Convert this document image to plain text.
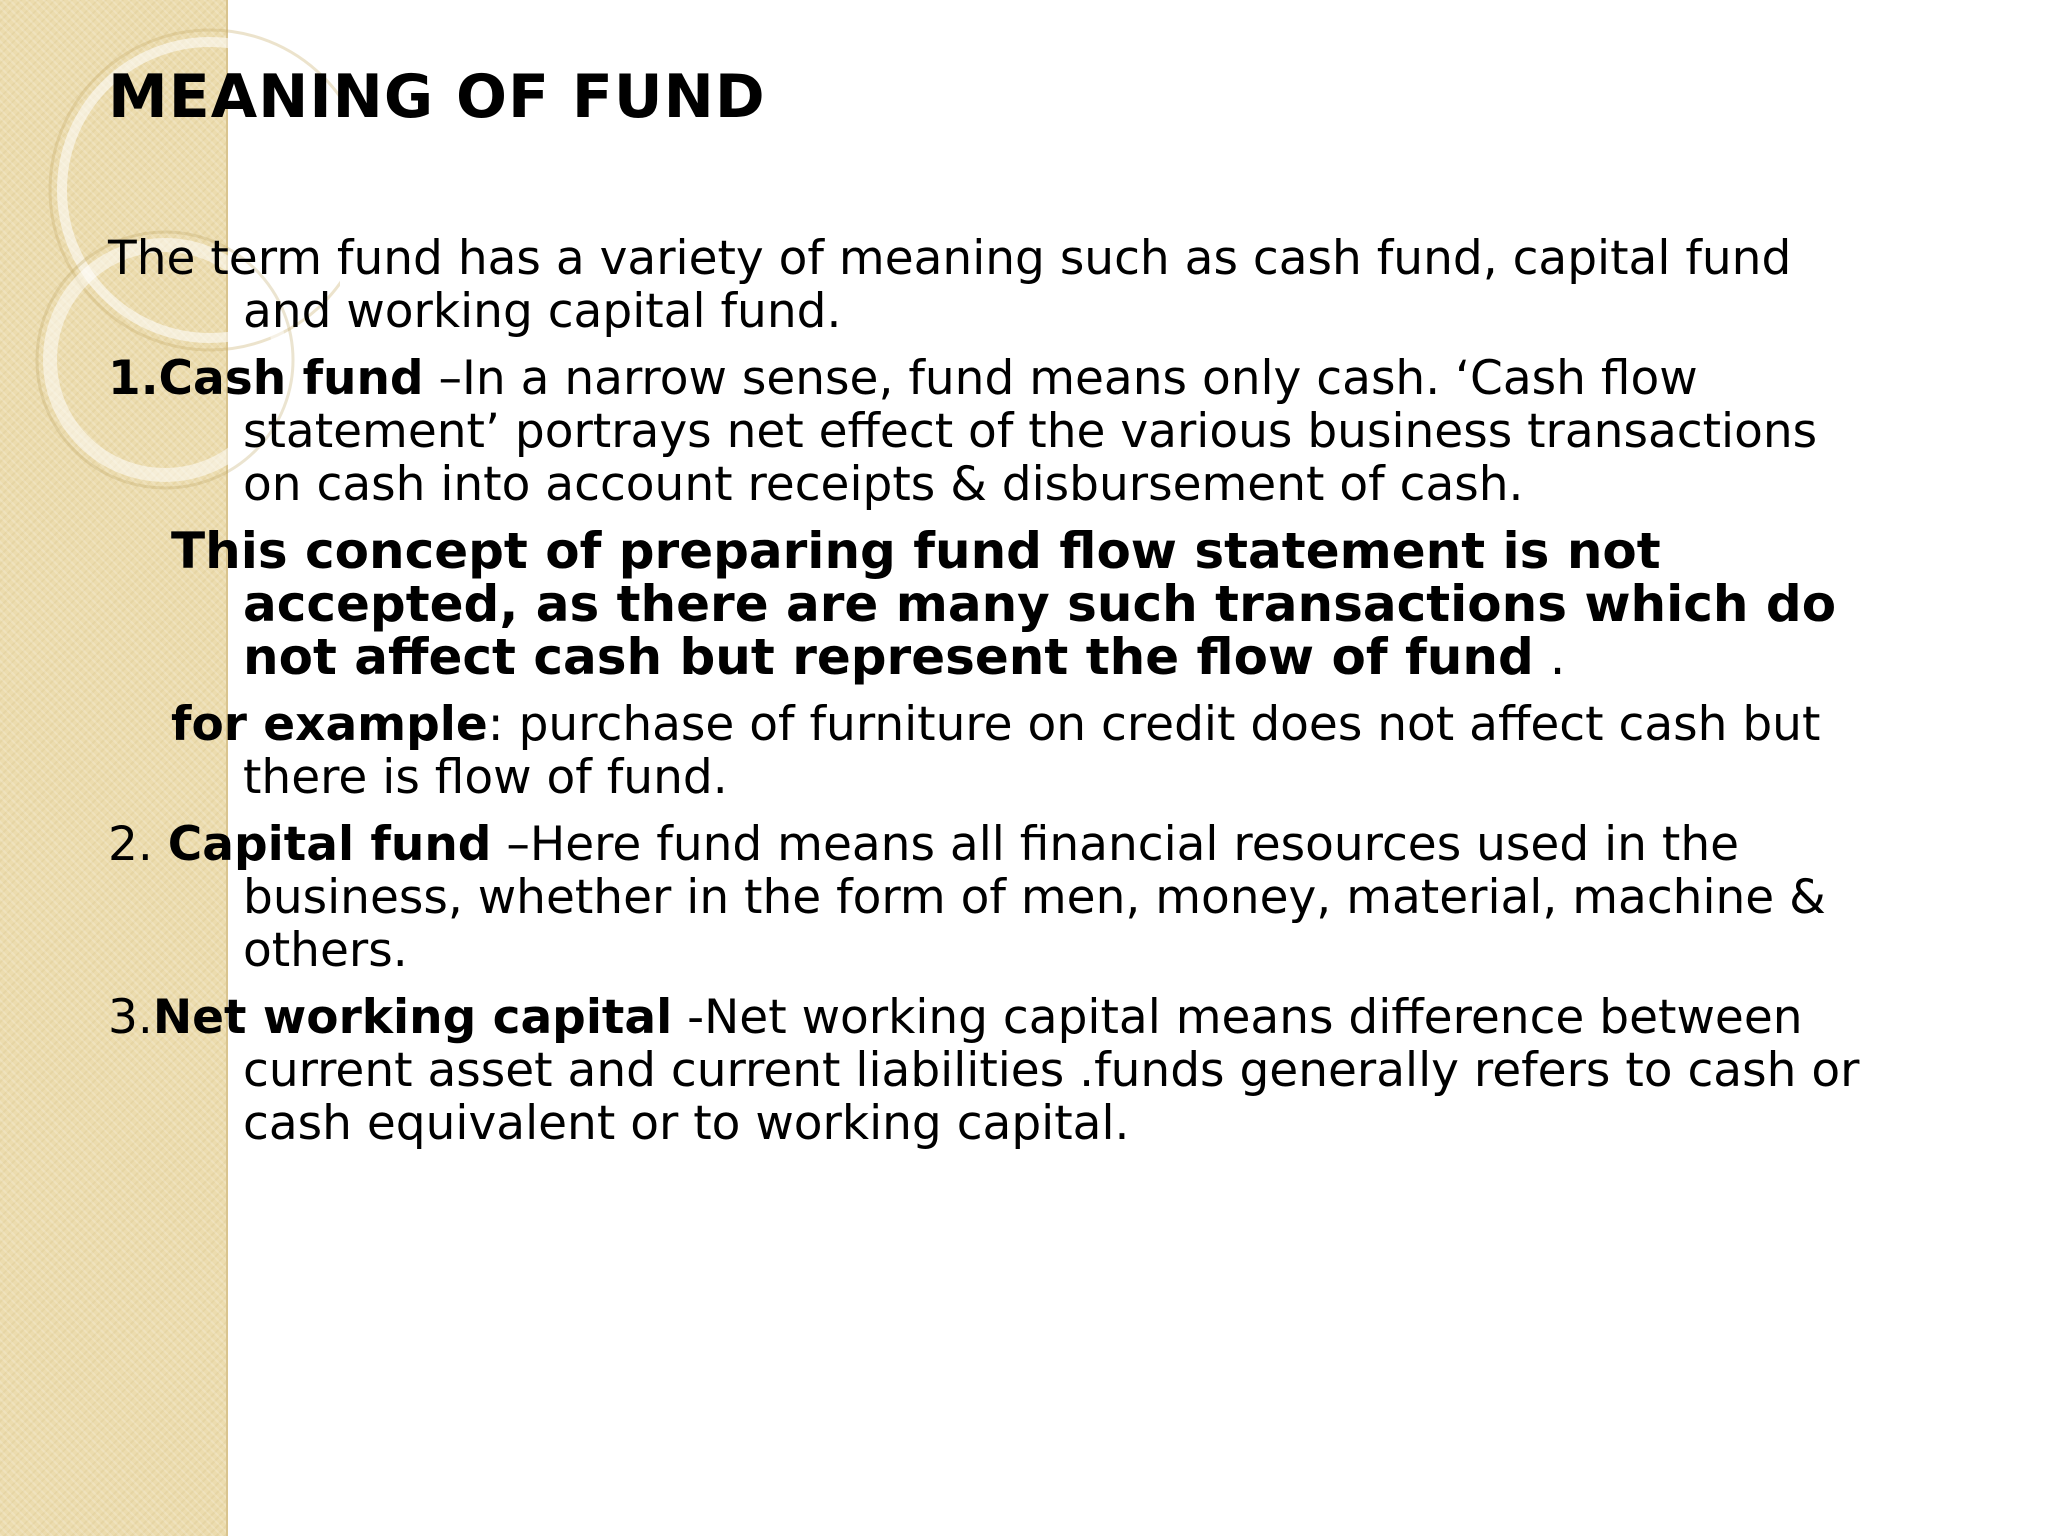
MEANING OF FUND

The term fund has a variety of meaning such as cash fund, capital fund and working capital fund.

1.Cash fund –In a narrow sense, fund means only cash. ‘Cash flow statement’ portrays net effect of the various business transactions on cash into account receipts & disbursement of cash.

This concept of preparing fund flow statement is not accepted, as there are many such transactions which do not affect cash but represent the flow of fund .

for example: purchase of furniture on credit does not affect cash but there is flow of fund.

2. Capital fund –Here fund means all financial resources used in the business, whether in the form of men, money, material, machine & others.

3.Net working capital -Net working capital means difference between current asset and current liabilities .funds generally refers to cash or cash equivalent or to working capital.
